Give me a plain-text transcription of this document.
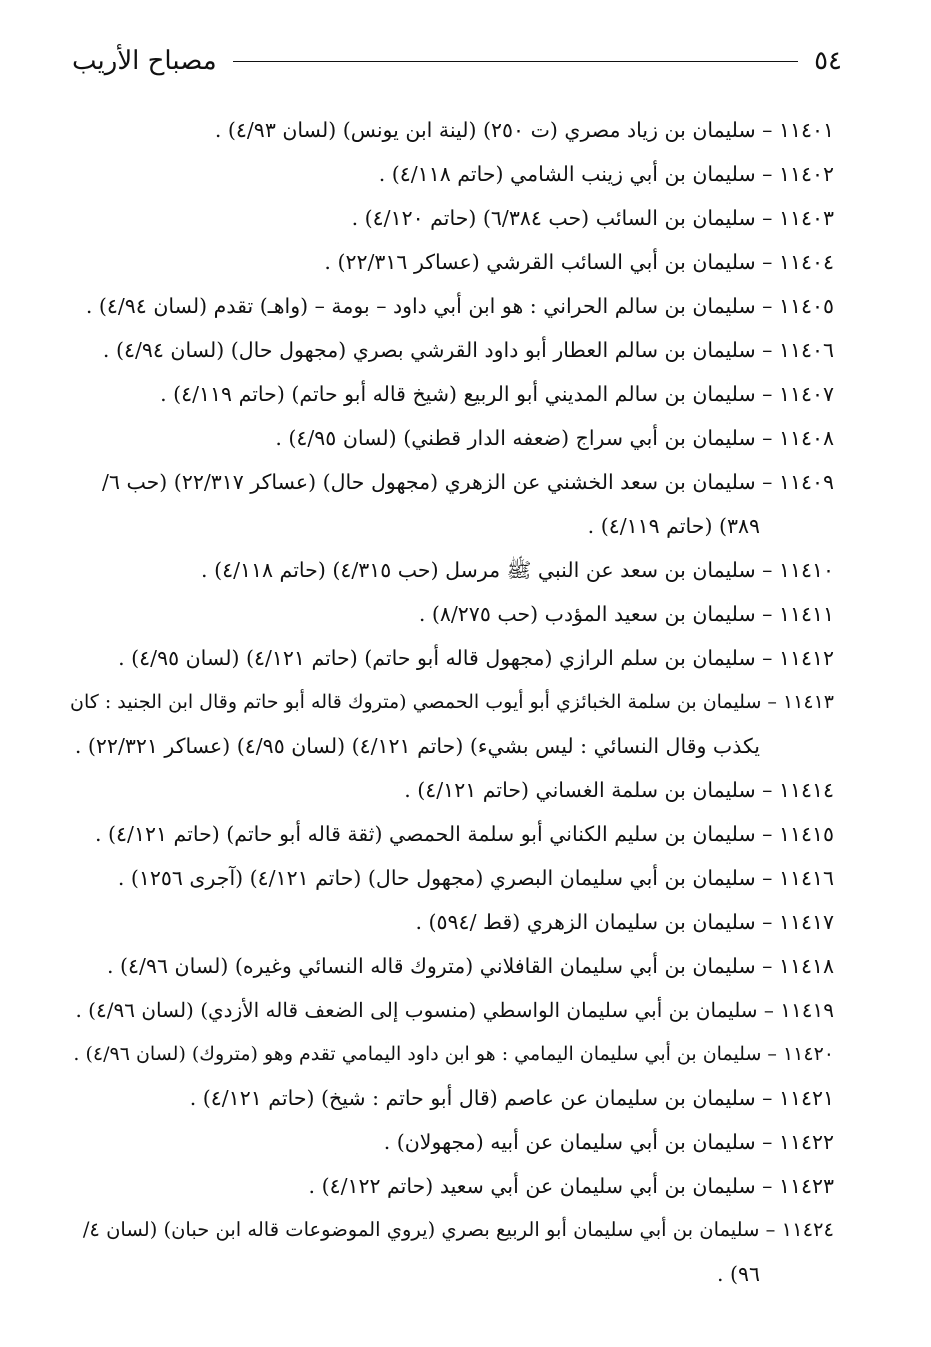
٥٤
مصباح الأريب

١١٤٠١ – سليمان بن زياد مصري (ت ٢٥٠) (لينة ابن يونس) (لسان ٤/٩٣) .

١١٤٠٢ – سليمان بن أبي زينب الشامي (حاتم ٤/١١٨) .

١١٤٠٣ – سليمان بن السائب (حب ٦/٣٨٤) (حاتم ٤/١٢٠) .

١١٤٠٤ – سليمان بن أبي السائب القرشي (عساكر ٢٢/٣١٦) .

١١٤٠٥ – سليمان بن سالم الحراني : هو ابن أبي داود – بومة – (واهـ) تقدم (لسان ٤/٩٤) .

١١٤٠٦ – سليمان بن سالم العطار أبو داود القرشي بصري (مجهول حال) (لسان ٤/٩٤) .

١١٤٠٧ – سليمان بن سالم المديني أبو الربيع (شيخ قاله أبو حاتم) (حاتم ٤/١١٩) .

١١٤٠٨ – سليمان بن أبي سراج (ضعفه الدار قطني) (لسان ٤/٩٥) .

١١٤٠٩ – سليمان بن سعد الخشني عن الزهري (مجهول حال) (عساكر ٢٢/٣١٧) (حب ٦/

٣٨٩) (حاتم ٤/١١٩) .

١١٤١٠ – سليمان بن سعد عن النبي ﷺ مرسل (حب ٤/٣١٥) (حاتم ٤/١١٨) .

١١٤١١ – سليمان بن سعيد المؤدب (حب ٨/٢٧٥) .

١١٤١٢ – سليمان بن سلم الرازي (مجهول قاله أبو حاتم) (حاتم ٤/١٢١) (لسان ٤/٩٥) .

١١٤١٣ – سليمان بن سلمة الخبائزي أبو أيوب الحمصي (متروك قاله أبو حاتم وقال ابن الجنيد : كان

يكذب وقال النسائي : ليس بشيء) (حاتم ٤/١٢١) (لسان ٤/٩٥) (عساكر ٢٢/٣٢١) .

١١٤١٤ – سليمان بن سلمة الغساني (حاتم ٤/١٢١) .

١١٤١٥ – سليمان بن سليم الكناني أبو سلمة الحمصي (ثقة قاله أبو حاتم) (حاتم ٤/١٢١) .

١١٤١٦ – سليمان بن أبي سليمان البصري (مجهول حال) (حاتم ٤/١٢١) (آجرى ١٢٥٦) .

١١٤١٧ – سليمان بن سليمان الزهري (قط /٥٩٤) .

١١٤١٨ – سليمان بن أبي سليمان القافلاني (متروك قاله النسائي وغيره) (لسان ٤/٩٦) .

١١٤١٩ – سليمان بن أبي سليمان الواسطي (منسوب إلى الضعف قاله الأزدي) (لسان ٤/٩٦) .

١١٤٢٠ – سليمان بن أبي سليمان اليمامي : هو ابن داود اليمامي تقدم وهو (متروك) (لسان ٤/٩٦) .

١١٤٢١ – سليمان بن سليمان عن عاصم (قال أبو حاتم : شيخ) (حاتم ٤/١٢١) .

١١٤٢٢ – سليمان بن أبي سليمان عن أبيه (مجهولان) .

١١٤٢٣ – سليمان بن أبي سليمان عن أبي سعيد (حاتم ٤/١٢٢) .

١١٤٢٤ – سليمان بن أبي سليمان أبو الربيع بصري (يروي الموضوعات قاله ابن حبان) (لسان ٤/

٩٦) .
